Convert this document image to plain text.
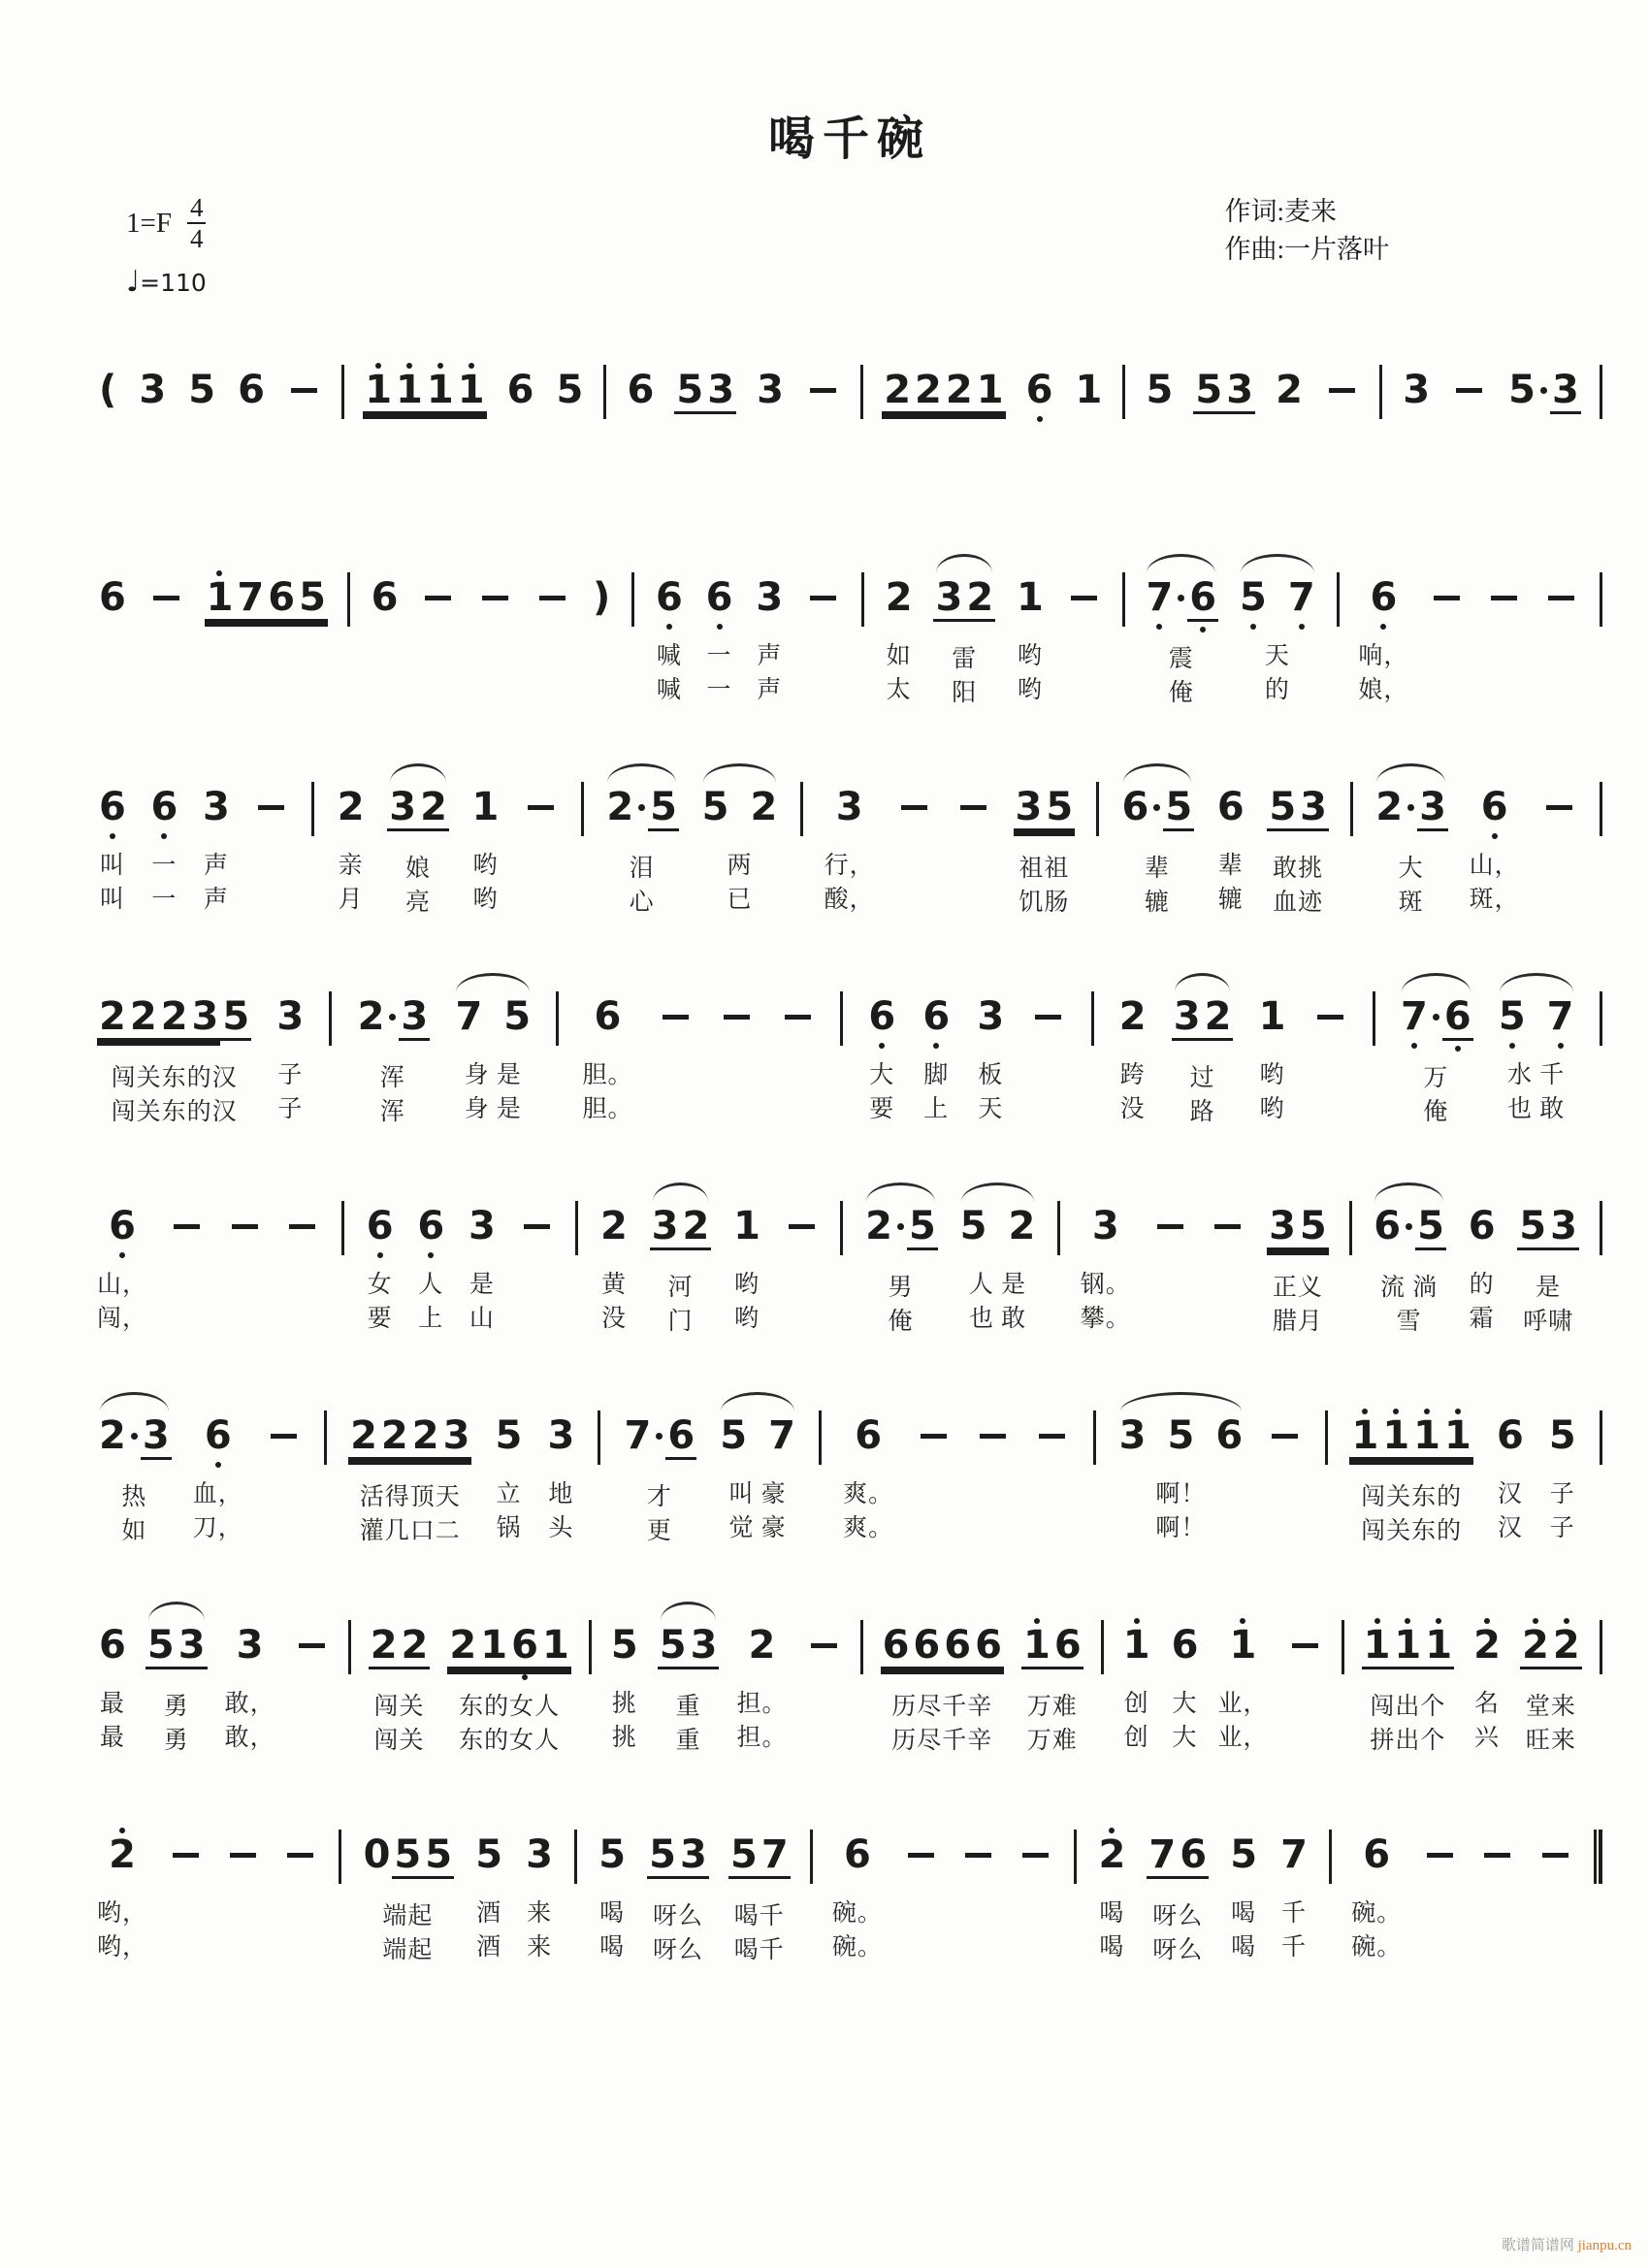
喝千碗
$1=F \frac{4}{4}$
♩=110
作词:麦来
作曲:一片落叶
( 3 5 6	1 1 1 1 6 5 6 5 3 3	2 2 2 1 6 1 5 5 3 2	3 5 3
6 1 7 6 5 6	) 6
喊
喊
6
一
一
3
声
声
2
如
太
3 2
雷
阳
1
哟
哟
7 6
震
俺
5 7
天
的
6
响，
娘，
6
叫
叫
6
一
一
3
声
声
2
亲
月
3 2
娘
亮
1
哟
哟
2 5
泪
心
5 2
两
已
3
行，
酸，
3 5
祖祖
饥肠
6 5
辈
辘
6
辈
辘
5 3
敢挑
血迹
2 3
大
斑
6
山，
斑，
2 2 2 3 5
闯关东的汉
闯关东的汉
3
子
子
2 3
浑
浑
7 5
身 是
身 是
6
胆。
胆。
6
大
要
6
脚
上
3
板
天
2
跨
没
3 2
过
路
1
哟
哟
7 6
万
俺
5 7
水 千
也 敢
6
山，
闯，
6
女
要
6
人
上
3
是
山
2
黄
没
3 2
河
门
1
哟
哟
2 5
男
俺
5 2
人 是
也 敢
3
钢。
攀。
3 5
正义
腊月
6 5
流 淌
雪
6
的
霜
5 3
是
呼啸
2 3
热
如
6
血，
刀，
2 2 2 3
活得顶天
灌几口二
5
立
锅
3
地
头
7 6
才
更
5 7
叫 豪
觉 豪
6
爽。
爽。
3 5 6
啊！
啊！
1 1 1 1
闯关东的
闯关东的
6
汉
汉
5
子
子
6
最
最
5 3
勇
勇
3
敢，
敢，
2 2
闯关
闯关
2 1 6 1
东的女人
东的女人
5
挑
挑
5 3
重
重
2
担。
担。
6 6 6 6
历尽千辛
历尽千辛
1 6
万难
万难
1
创
创
6
大
大
1
业，
业，
1 1 1
闯出个
拼出个
2
名
兴
2 2
堂来
旺来
2
哟，
哟，
0 5 5
端起
端起
5
酒
酒
3
来
来
5
喝
喝
5 3
呀么
呀么
5 7
喝千
喝千
6
碗。
碗。
2
喝
喝
7 6
呀么
呀么
5
喝
喝
7
千
千
6
碗。
碗。
歌谱简谱网 jianpu.cn
